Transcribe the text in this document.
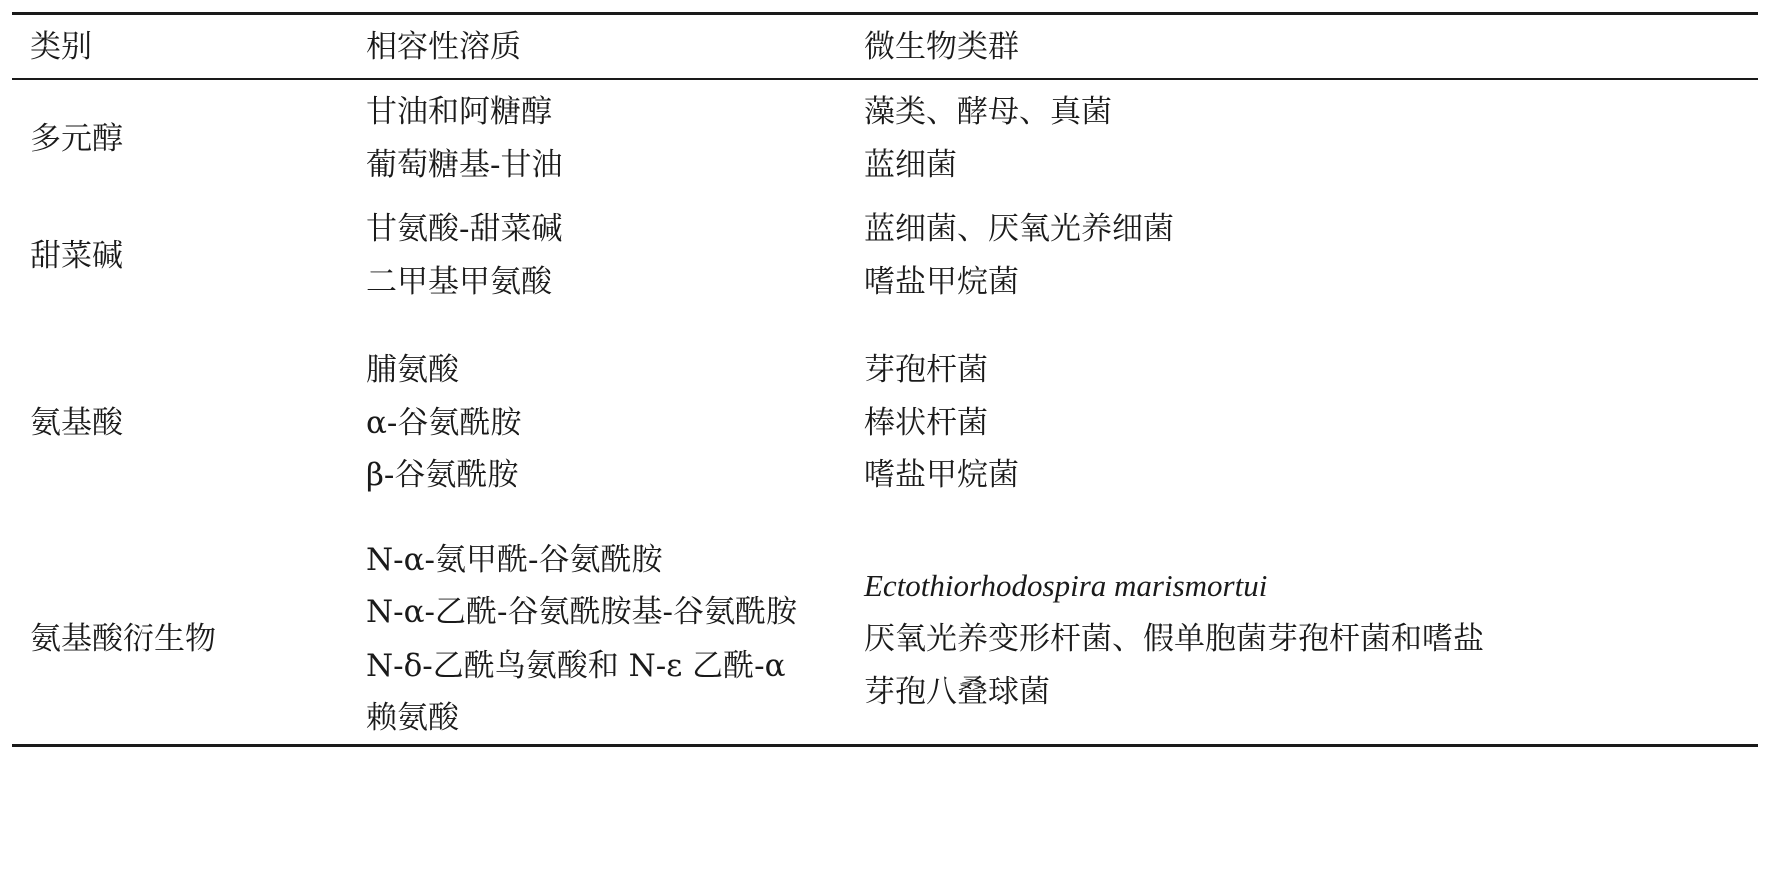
类别	相容性溶质	微生物类群
多元醇
甘油和阿糖醇
葡萄糖基-甘油
藻类、酵母、真菌
蓝细菌
甜菜碱
甘氨酸-甜菜碱
二甲基甲氨酸
蓝细菌、厌氧光养细菌
嗜盐甲烷菌
氨基酸
脯氨酸
α-谷氨酰胺
β-谷氨酰胺
芽孢杆菌
棒状杆菌
嗜盐甲烷菌
氨基酸衍生物
N-α-氨甲酰-谷氨酰胺
N-α-乙酰-谷氨酰胺基-谷氨酰胺
N-δ-乙酰鸟氨酸和 N-ε 乙酰-α
赖氨酸
Ectothiorhodospira marismortui
厌氧光养变形杆菌、假单胞菌芽孢杆菌和嗜盐
芽孢八叠球菌
